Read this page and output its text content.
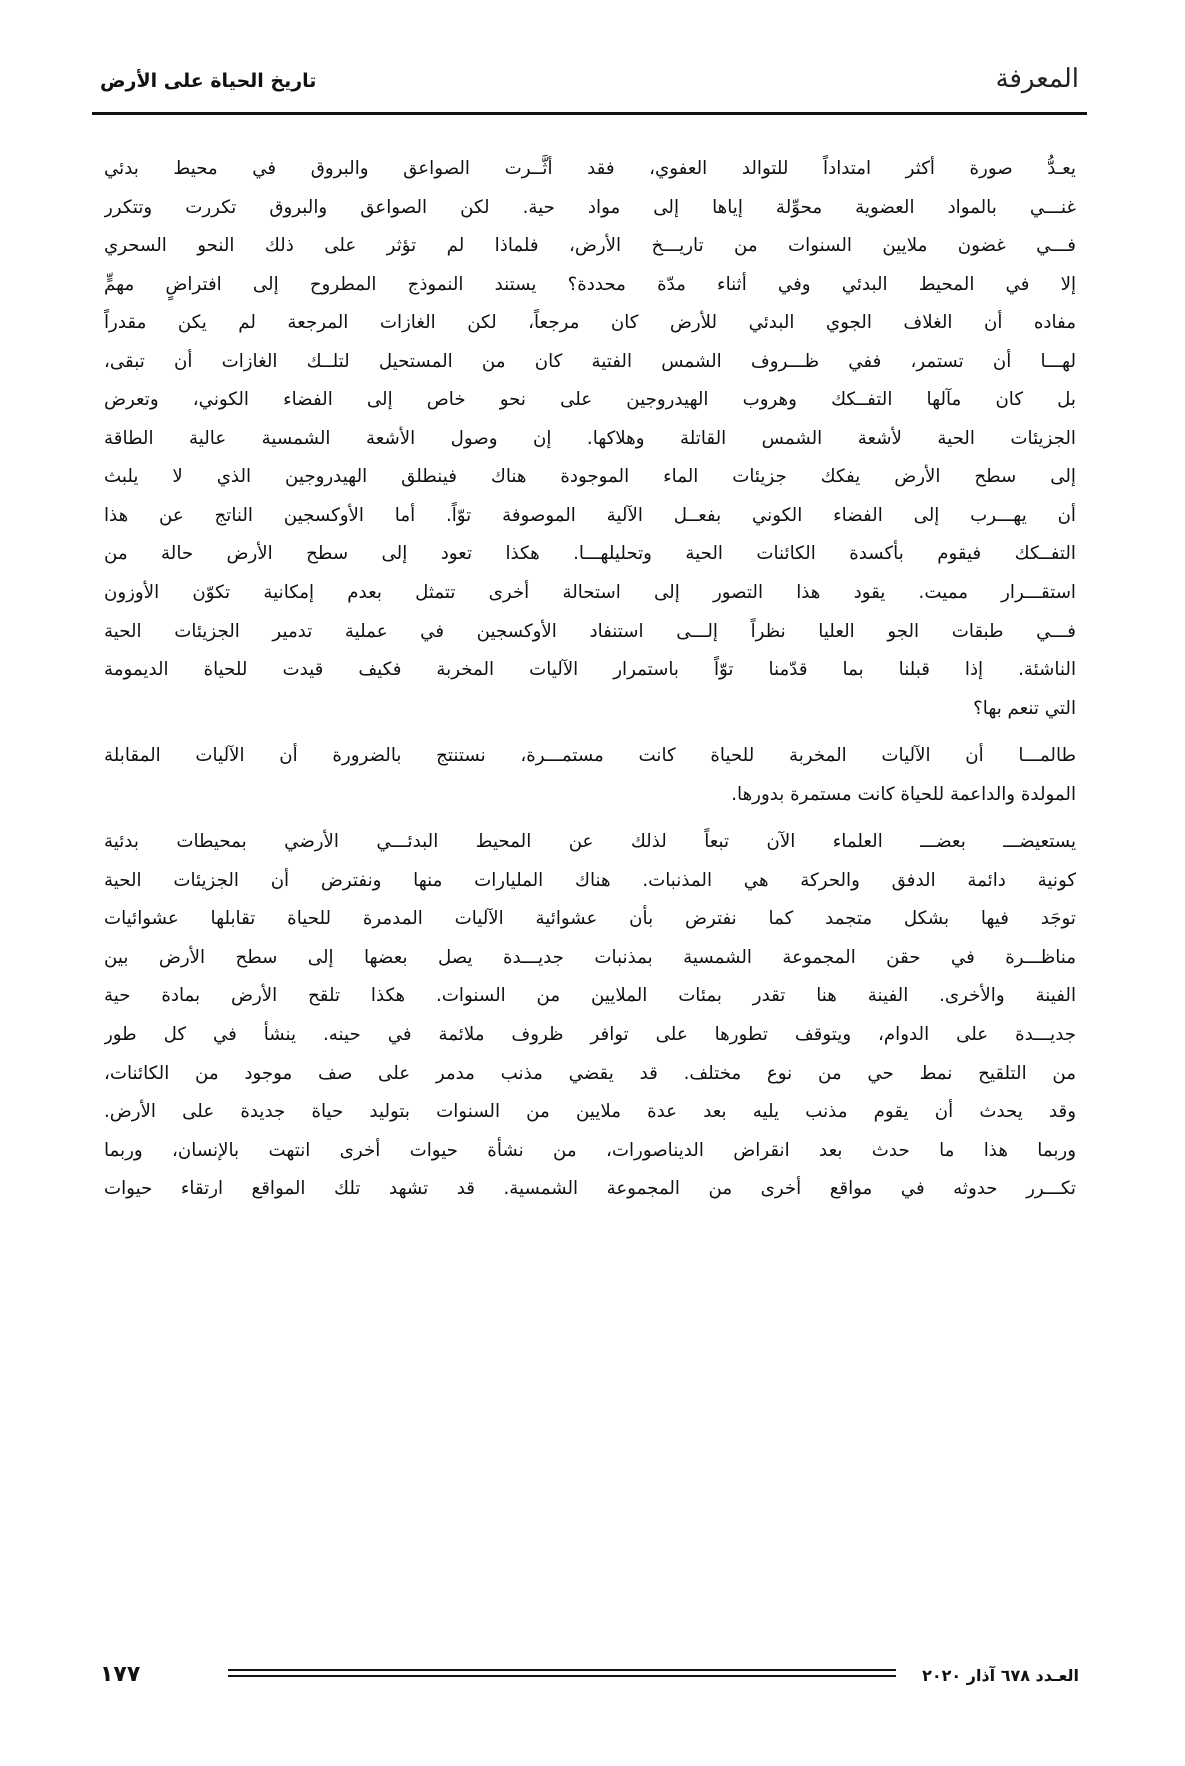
المعرفة
تاريخ الحياة على الأرض

يعـدُّ صورة أكثر امتداداً للتوالد العفوي، فقد أثَّــرت الصواعق والبروق في محيط بدئي
غنـــي بالمواد العضوية محوِّلة إياها إلى مواد حية. لكن الصواعق والبروق تكررت وتتكرر
فـــي غضون ملايين السنوات من تاريـــخ الأرض، فلماذا لم تؤثر على ذلك النحو السحري
إلا في المحيط البدئي وفي أثناء مدّة محددة؟ يستند النموذج المطروح إلى افتراضٍ مهمٍّ
مفاده أن الغلاف الجوي البدئي للأرض كان مرجعاً، لكن الغازات المرجعة لم يكن مقدراً
لهـــا أن تستمر، ففي ظـــروف الشمس الفتية كان من المستحيل لتلــك الغازات أن تبقى،
بل كان مآلها التفــكك وهروب الهيدروجين على نحو خاص إلى الفضاء الكوني، وتعرض
الجزيئات الحية لأشعة الشمس القاتلة وهلاكها. إن وصول الأشعة الشمسية عالية الطاقة
إلى سطح الأرض يفكك جزيئات الماء الموجودة هناك فينطلق الهيدروجين الذي لا يلبث
أن يهـــرب إلى الفضاء الكوني بفعــل الآلية الموصوفة توّاً. أما الأوكسجين الناتج عن هذا
التفــكك فيقوم بأكسدة الكائنات الحية وتحليلهـــا. هكذا تعود إلى سطح الأرض حالة من
استقـــرار مميت. يقود هذا التصور إلى استحالة أخرى تتمثل بعدم إمكانية تكوّن الأوزون
فـــي طبقات الجو العليا نظراً إلـــى استنفاد الأوكسجين في عملية تدمير الجزيئات الحية
الناشئة. إذا قبلنا بما قدّمنا توّاً باستمرار الآليات المخربة فكيف قيدت للحياة الديمومة
التي تنعم بها؟

طالمـــا أن الآليات المخربة للحياة كانت مستمـــرة، نستنتج بالضرورة أن الآليات المقابلة
المولدة والداعمة للحياة كانت مستمرة بدورها.

يستعيضـــ بعضـــ العلماء الآن تبعاً لذلك عن المحيط البدئـــي الأرضي بمحيطات بدئية
كونية دائمة الدفق والحركة هي المذنبات. هناك المليارات منها ونفترض أن الجزيئات الحية
توجَد فيها بشكل متجمد كما نفترض بأن عشوائية الآليات المدمرة للحياة تقابلها عشوائيات
مناظـــرة في حقن المجموعة الشمسية بمذنبات جديـــدة يصل بعضها إلى سطح الأرض بين
الفينة والأخرى. الفينة هنا تقدر بمئات الملايين من السنوات. هكذا تلقح الأرض بمادة حية
جديـــدة على الدوام، ويتوقف تطورها على توافر ظروف ملائمة في حينه. ينشأ في كل طور
من التلقيح نمط حي من نوع مختلف. قد يقضي مذنب مدمر على صف موجود من الكائنات،
وقد يحدث أن يقوم مذنب يليه بعد عدة ملايين من السنوات بتوليد حياة جديدة على الأرض.
وربما هذا ما حدث بعد انقراض الديناصورات، من نشأة حيوات أخرى انتهت بالإنسان، وربما
تكـــرر حدوثه في مواقع أخرى من المجموعة الشمسية. قد تشهد تلك المواقع ارتقاء حيوات

العـدد ٦٧٨ آذار ٢٠٢٠
١٧٧
